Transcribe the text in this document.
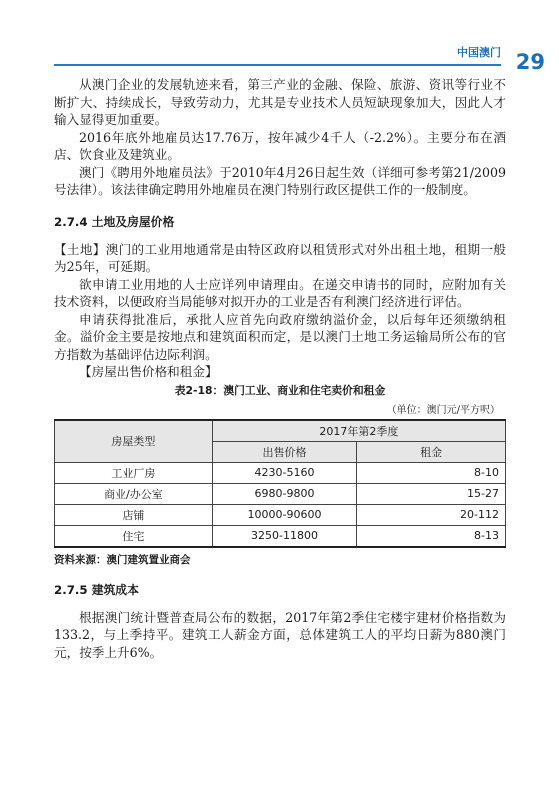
中国澳门 29

从澳门企业的发展轨迹来看，第三产业的金融、保险、旅游、资讯等行业不断扩大、持续成长，导致劳动力，尤其是专业技术人员短缺现象加大，因此人才输入显得更加重要。

2016年底外地雇员达17.76万，按年减少4千人（-2.2%）。主要分布在酒店、饮食业及建筑业。

澳门《聘用外地雇员法》于2010年4月26日起生效（详细可参考第21/2009号法律）。该法律确定聘用外地雇员在澳门特别行政区提供工作的一般制度。

2.7.4 土地及房屋价格

【土地】澳门的工业用地通常是由特区政府以租赁形式对外出租土地，租期一般为25年，可延期。

欲申请工业用地的人士应详列申请理由。在递交申请书的同时，应附加有关技术资料，以便政府当局能够对拟开办的工业是否有利澳门经济进行评估。

申请获得批准后，承批人应首先向政府缴纳溢价金，以后每年还须缴纳租金。溢价金主要是按地点和建筑面积而定，是以澳门土地工务运输局所公布的官方指数为基础评估边际利润。

【房屋出售价格和租金】

表2-18：澳门工业、商业和住宅卖价和租金
（单位：澳门元/平方呎）
房屋类型	2017年第2季度	
	出售价格	租金
工业厂房	4230-5160	8-10
商业/办公室	6980-9800	15-27
店铺	10000-90600	20-112
住宅	3250-11800	8-13

资料来源：澳门建筑置业商会

2.7.5 建筑成本

根据澳门统计暨普查局公布的数据，2017年第2季住宅楼宇建材价格指数为133.2，与上季持平。建筑工人薪金方面，总体建筑工人的平均日薪为880澳门元，按季上升6%。
